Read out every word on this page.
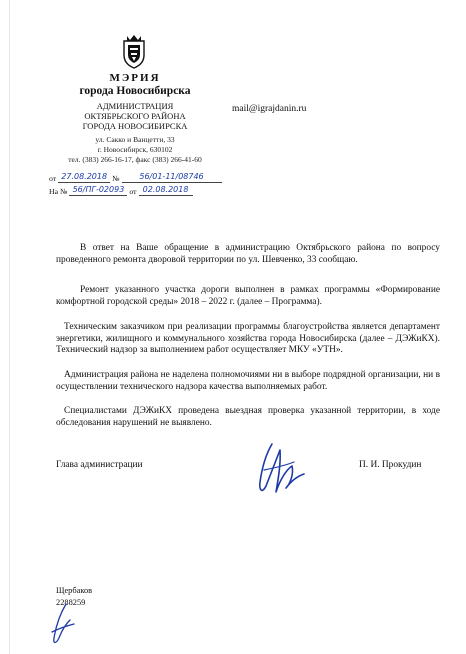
МЭРИЯ
города Новосибирска
АДМИНИСТРАЦИЯ
ОКТЯБРЬСКОГО РАЙОНА
ГОРОДА НОВОСИБИРСКА
ул. Сакко и Ванцетти, 33
г. Новосибирск, 630102
тел. (383) 266-16-17, факс (383) 266-41-60
mail@igrajdanin.ru
от 27.08.2018 № 56/01-11/08746
На № 56/ПГ-02093 от 02.08.2018
В ответ на Ваше обращение в администрацию Октябрьского района по вопросу проведенного ремонта дворовой территории по ул. Шевченко, 33 сообщаю.
Ремонт указанного участка дороги выполнен в рамках программы «Формирование комфортной городской среды» 2018 – 2022 г. (далее – Программа).
Техническим заказчиком при реализации программы благоустройства является департамент энергетики, жилищного и коммунального хозяйства города Новосибирска (далее – ДЭЖиКХ). Технический надзор за выполнением работ осуществляет МКУ «УТН».
Администрация района не наделена полномочиями ни в выборе подрядной организации, ни в осуществлении технического надзора качества выполняемых работ.
Специалистами ДЭЖиКХ проведена выездная проверка указанной территории, в ходе обследования нарушений не выявлено.
Глава администрации	П. И. Прокудин
Щербаков
2288259
